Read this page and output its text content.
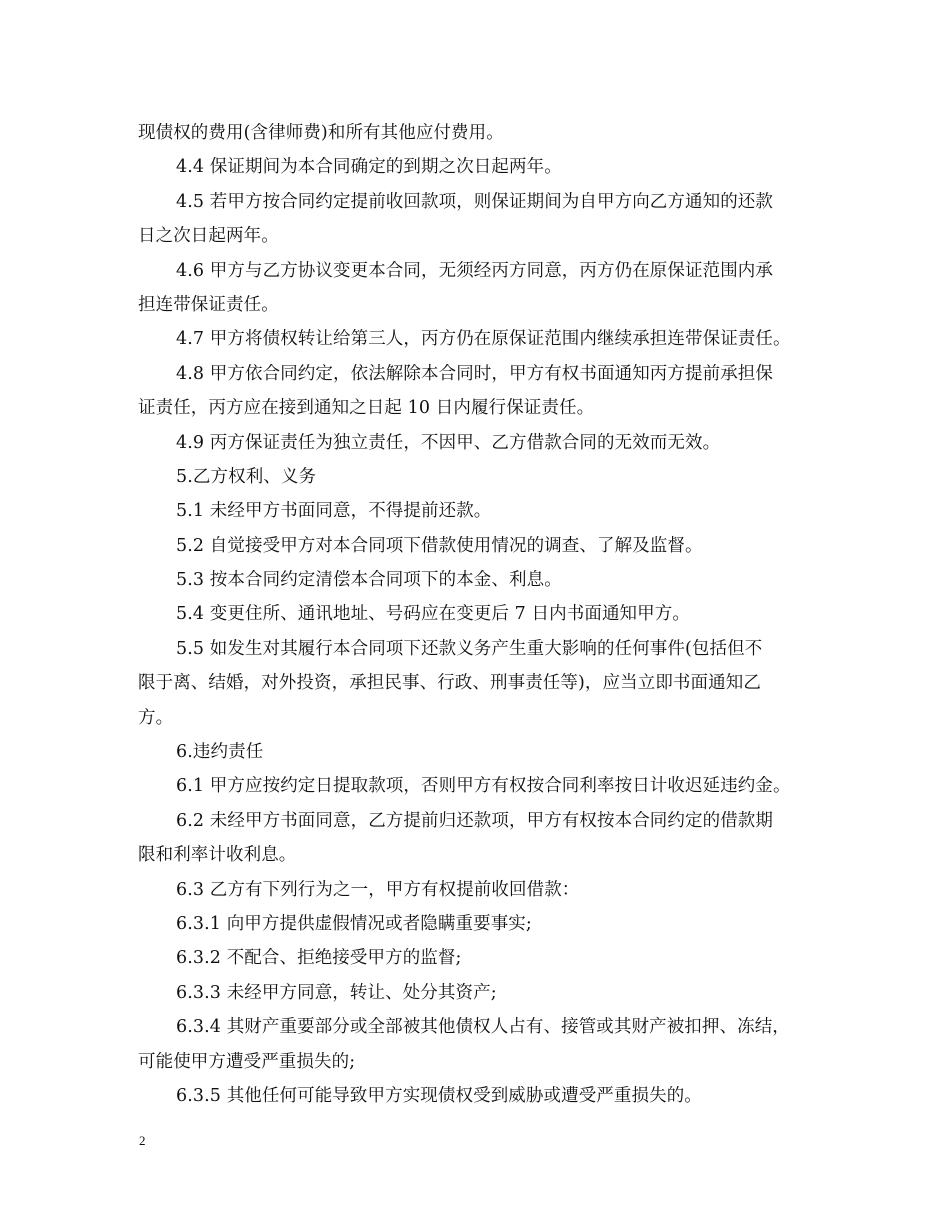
现债权的费用(含律师费)和所有其他应付费用。
4.4 保证期间为本合同确定的到期之次日起两年。
4.5 若甲方按合同约定提前收回款项，则保证期间为自甲方向乙方通知的还款
日之次日起两年。
4.6 甲方与乙方协议变更本合同，无须经丙方同意，丙方仍在原保证范围内承
担连带保证责任。
4.7 甲方将债权转让给第三人，丙方仍在原保证范围内继续承担连带保证责任。
4.8 甲方依合同约定，依法解除本合同时，甲方有权书面通知丙方提前承担保
证责任，丙方应在接到通知之日起 10 日内履行保证责任。
4.9 丙方保证责任为独立责任，不因甲、乙方借款合同的无效而无效。
5.乙方权利、义务
5.1 未经甲方书面同意，不得提前还款。
5.2 自觉接受甲方对本合同项下借款使用情况的调查、了解及监督。
5.3 按本合同约定清偿本合同项下的本金、利息。
5.4 变更住所、通讯地址、号码应在变更后 7 日内书面通知甲方。
5.5 如发生对其履行本合同项下还款义务产生重大影响的任何事件(包括但不
限于离、结婚，对外投资，承担民事、行政、刑事责任等)，应当立即书面通知乙
方。
6.违约责任
6.1 甲方应按约定日提取款项，否则甲方有权按合同利率按日计收迟延违约金。
6.2 未经甲方书面同意，乙方提前归还款项，甲方有权按本合同约定的借款期
限和利率计收利息。
6.3 乙方有下列行为之一，甲方有权提前收回借款：
6.3.1 向甲方提供虚假情况或者隐瞒重要事实;
6.3.2 不配合、拒绝接受甲方的监督;
6.3.3 未经甲方同意，转让、处分其资产;
6.3.4 其财产重要部分或全部被其他债权人占有、接管或其财产被扣押、冻结，
可能使甲方遭受严重损失的;
6.3.5 其他任何可能导致甲方实现债权受到威胁或遭受严重损失的。
2
